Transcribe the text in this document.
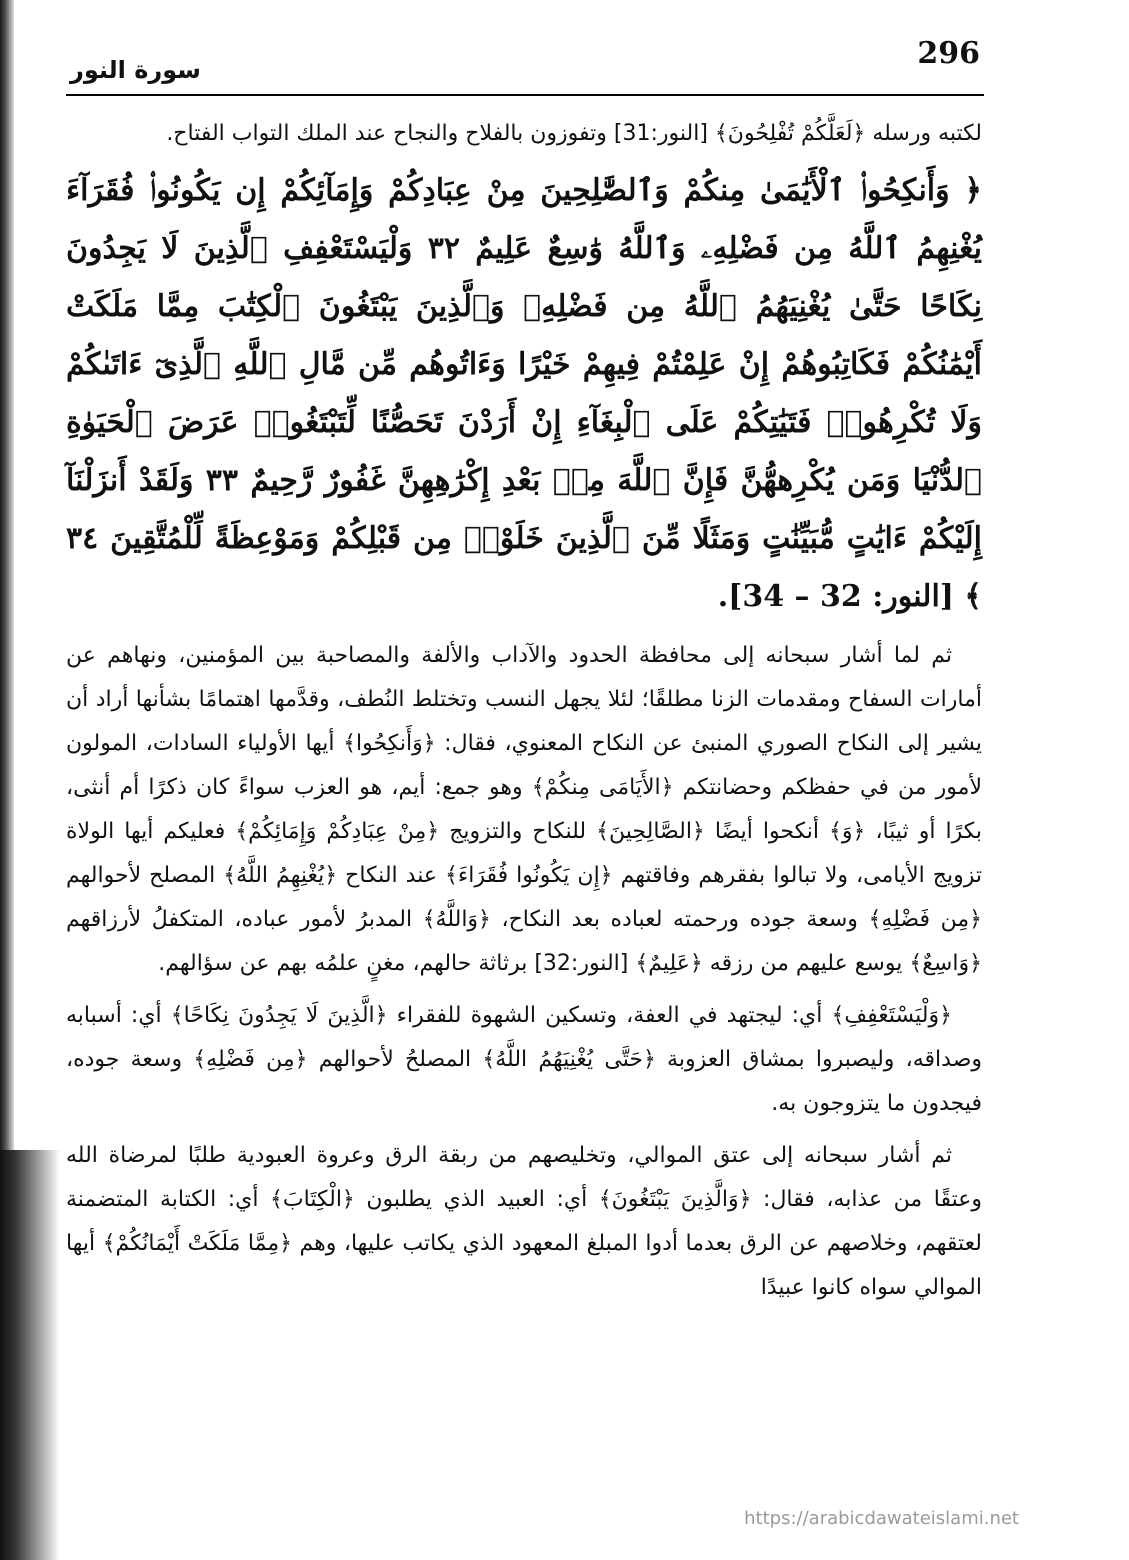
296
سورة النور

لكتبه ورسله ﴿لَعَلَّكُمْ تُفْلِحُونَ﴾ [النور:31] وتفوزون بالفلاح والنجاح عند الملك التواب الفتاح.

﴿ وَأَنكِحُوا۟ ٱلْأَيَٰمَىٰ مِنكُمْ وَٱلصَّٰلِحِينَ مِنْ عِبَادِكُمْ وَإِمَآئِكُمْ إِن يَكُونُوا۟ فُقَرَآءَ يُغْنِهِمُ ٱللَّهُ مِن فَضْلِهِۦ وَٱللَّهُ وَٰسِعٌ عَلِيمٌ ٣٢ وَلْيَسْتَعْفِفِ ٱلَّذِينَ لَا يَجِدُونَ نِكَاحًا حَتَّىٰ يُغْنِيَهُمُ ٱللَّهُ مِن فَضْلِهِۦ وَٱلَّذِينَ يَبْتَغُونَ ٱلْكِتَٰبَ مِمَّا مَلَكَتْ أَيْمَٰنُكُمْ فَكَاتِبُوهُمْ إِنْ عَلِمْتُمْ فِيهِمْ خَيْرًا وَءَاتُوهُم مِّن مَّالِ ٱللَّهِ ٱلَّذِىٓ ءَاتَىٰكُمْ وَلَا تُكْرِهُوا۟ فَتَيَٰتِكُمْ عَلَى ٱلْبِغَآءِ إِنْ أَرَدْنَ تَحَصُّنًا لِّتَبْتَغُوا۟ عَرَضَ ٱلْحَيَوٰةِ ٱلدُّنْيَا وَمَن يُكْرِههُّنَّ فَإِنَّ ٱللَّهَ مِنۢ بَعْدِ إِكْرَٰهِهِنَّ غَفُورٌ رَّحِيمٌ ٣٣ وَلَقَدْ أَنزَلْنَآ إِلَيْكُمْ ءَايَٰتٍ مُّبَيِّنَٰتٍ وَمَثَلًا مِّنَ ٱلَّذِينَ خَلَوْا۟ مِن قَبْلِكُمْ وَمَوْعِظَةً لِّلْمُتَّقِينَ ٣٤ ﴾ [النور: 32 – 34].

ثم لما أشار سبحانه إلى محافظة الحدود والآداب والألفة والمصاحبة بين المؤمنين، ونهاهم عن أمارات السفاح ومقدمات الزنا مطلقًا؛ لئلا يجهل النسب وتختلط النُطف، وقدَّمها اهتمامًا بشأنها أراد أن يشير إلى النكاح الصوري المنبئ عن النكاح المعنوي، فقال: ﴿وَأَنكِحُوا﴾ أيها الأولياء السادات، المولون لأمور من في حفظكم وحضانتكم ﴿الأَيَامَى مِنكُمْ﴾ وهو جمع: أيم، هو العزب سواءً كان ذكرًا أم أنثى، بكرًا أو ثيبًا، ﴿وَ﴾ أنكحوا أيضًا ﴿الصَّالِحِينَ﴾ للنكاح والتزويج ﴿مِنْ عِبَادِكُمْ وَإِمَائِكُمْ﴾ فعليكم أيها الولاة تزويج الأيامى، ولا تبالوا بفقرهم وفاقتهم ﴿إِن يَكُونُوا فُقَرَاءَ﴾ عند النكاح ﴿يُغْنِهِمُ اللَّهُ﴾ المصلح لأحوالهم ﴿مِن فَضْلِهِ﴾ وسعة جوده ورحمته لعباده بعد النكاح، ﴿وَاللَّهُ﴾ المدبرُ لأمور عباده، المتكفلُ لأرزاقهم ﴿وَاسِعٌ﴾ يوسع عليهم من رزقه ﴿عَلِيمٌ﴾ [النور:32] برثاثة حالهم، مغنٍ علمُه بهم عن سؤالهم.

﴿وَلْيَسْتَعْفِفِ﴾ أي: ليجتهد في العفة، وتسكين الشهوة للفقراء ﴿الَّذِينَ لَا يَجِدُونَ نِكَاحًا﴾ أي: أسبابه وصداقه، وليصبروا بمشاق العزوبة ﴿حَتَّى يُغْنِيَهُمُ اللَّهُ﴾ المصلحُ لأحوالهم ﴿مِن فَضْلِهِ﴾ وسعة جوده، فيجدون ما يتزوجون به.

ثم أشار سبحانه إلى عتق الموالي، وتخليصهم من ربقة الرق وعروة العبودية طلبًا لمرضاة الله وعتقًا من عذابه، فقال: ﴿وَالَّذِينَ يَبْتَغُونَ﴾ أي: العبيد الذي يطلبون ﴿الْكِتَابَ﴾ أي: الكتابة المتضمنة لعتقهم، وخلاصهم عن الرق بعدما أدوا المبلغ المعهود الذي يكاتب عليها، وهم ﴿مِمَّا مَلَكَتْ أَيْمَانُكُمْ﴾ أيها الموالي سواه كانوا عبيدًا

https://arabicdawateislami.net
